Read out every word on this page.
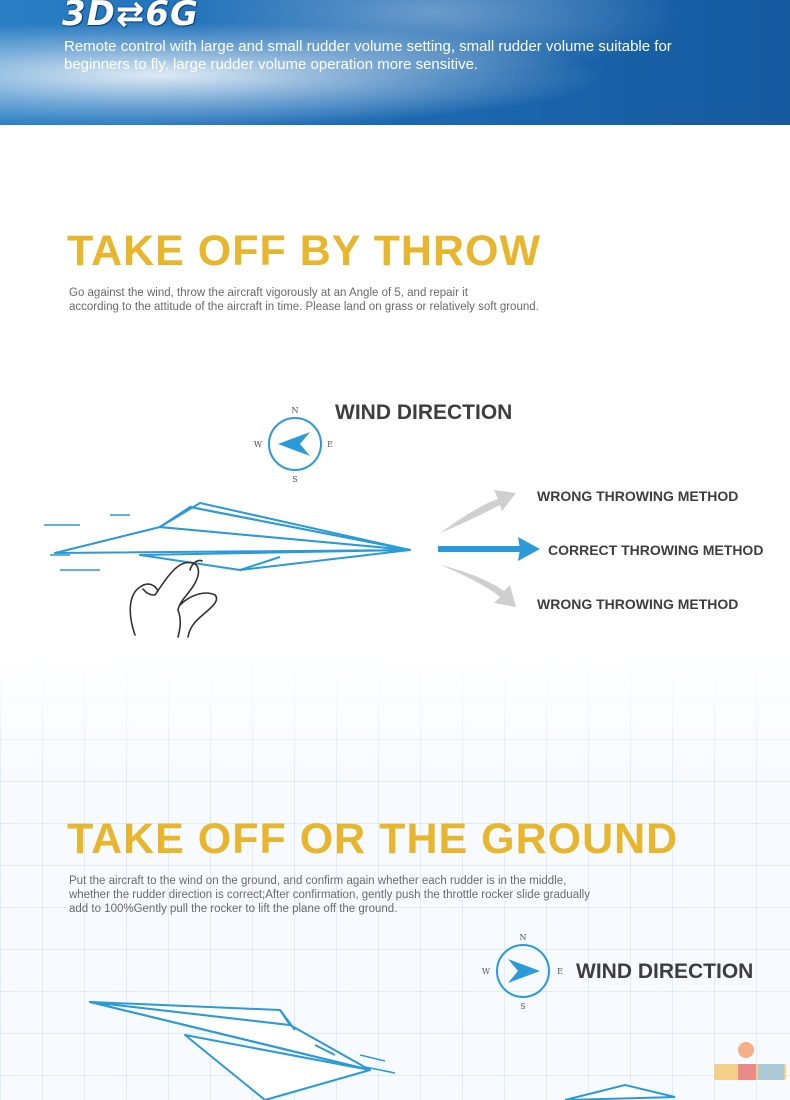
3D⇄6G
Remote control with large and small rudder volume setting, small rudder volume suitable for beginners to fly, large rudder volume operation more sensitive.
TAKE OFF BY THROW
Go against the wind, throw the aircraft vigorously at an Angle of 5, and repair it
according to the attitude of the aircraft in time. Please land on grass or relatively soft ground.
N
S
W	E
WIND DIRECTION
WRONG THROWING METHOD
CORRECT THROWING METHOD
WRONG THROWING METHOD
TAKE OFF OR THE GROUND
Put the aircraft to the wind on the ground, and confirm again whether each rudder is in the middle,
whether the rudder direction is correct;After confirmation, gently push the throttle rocker slide gradually
add to 100%Gently pull the rocker to lift the plane off the ground.
N
S
W	E WIND DIRECTION
